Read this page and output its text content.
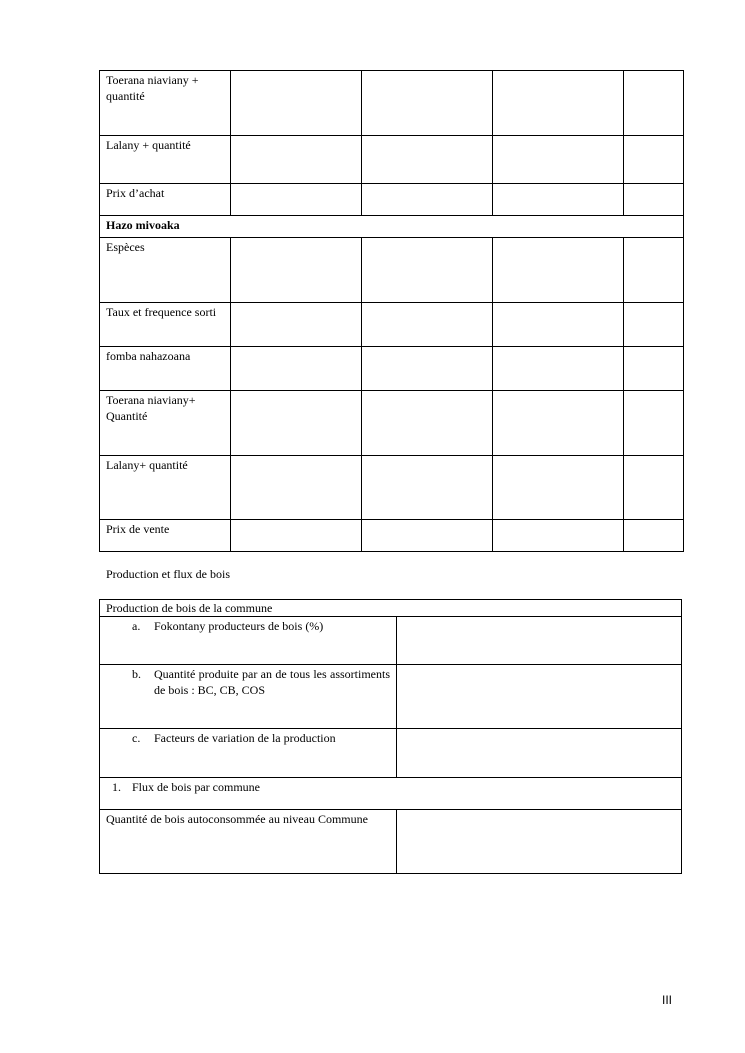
Toerana niaviany + quantité				
Lalany + quantité				
Prix d’achat				
Hazo mivoaka				
Espèces				
Taux et frequence sorti				
fomba nahazoana				
Toerana niaviany+ Quantité				
Lalany+ quantité				
Prix de vente				
Production et flux de bois
Production de bois de la commune	

a. Fokontany producteurs de bois (%)	

b. Quantité produite par an de tous les assortiments de bois : BC, CB, COS	

c. Facteurs de variation de la production	

1. Flux de bois par commune	

Quantité de bois autoconsommée au niveau Commune	
III
